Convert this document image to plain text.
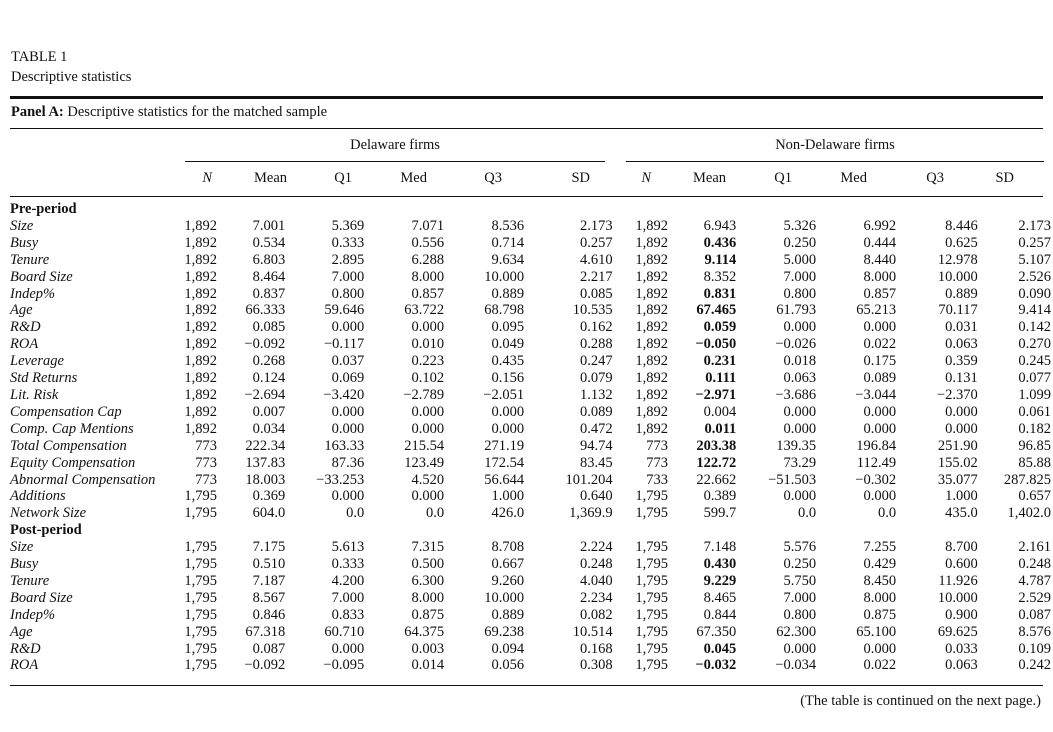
TABLE 1
Descriptive statistics
Panel A: Descriptive statistics for the matched sample
Delaware firms	Non-Delaware firms
N	Mean	Q1	Med	Q3	SD	N	Mean	Q1	Med	Q3	SD
Pre-period												
Size	1,892	7.001	5.369	7.071	8.536	2.173	1,892	6.943	5.326	6.992	8.446	2.173
Busy	1,892	0.534	0.333	0.556	0.714	0.257	1,892	0.436	0.250	0.444	0.625	0.257
Tenure	1,892	6.803	2.895	6.288	9.634	4.610	1,892	9.114	5.000	8.440	12.978	5.107
Board Size	1,892	8.464	7.000	8.000	10.000	2.217	1,892	8.352	7.000	8.000	10.000	2.526
Indep%	1,892	0.837	0.800	0.857	0.889	0.085	1,892	0.831	0.800	0.857	0.889	0.090
Age	1,892	66.333	59.646	63.722	68.798	10.535	1,892	67.465	61.793	65.213	70.117	9.414
R&D	1,892	0.085	0.000	0.000	0.095	0.162	1,892	0.059	0.000	0.000	0.031	0.142
ROA	1,892	−0.092	−0.117	0.010	0.049	0.288	1,892	−0.050	−0.026	0.022	0.063	0.270
Leverage	1,892	0.268	0.037	0.223	0.435	0.247	1,892	0.231	0.018	0.175	0.359	0.245
Std Returns	1,892	0.124	0.069	0.102	0.156	0.079	1,892	0.111	0.063	0.089	0.131	0.077
Lit. Risk	1,892	−2.694	−3.420	−2.789	−2.051	1.132	1,892	−2.971	−3.686	−3.044	−2.370	1.099
Compensation Cap	1,892	0.007	0.000	0.000	0.000	0.089	1,892	0.004	0.000	0.000	0.000	0.061
Comp. Cap Mentions	1,892	0.034	0.000	0.000	0.000	0.472	1,892	0.011	0.000	0.000	0.000	0.182
Total Compensation	773	222.34	163.33	215.54	271.19	94.74	773	203.38	139.35	196.84	251.90	96.85
Equity Compensation	773	137.83	87.36	123.49	172.54	83.45	773	122.72	73.29	112.49	155.02	85.88
Abnormal Compensation	773	18.003	−33.253	4.520	56.644	101.204	733	22.662	−51.503	−0.302	35.077	287.825
Additions	1,795	0.369	0.000	0.000	1.000	0.640	1,795	0.389	0.000	0.000	1.000	0.657
Network Size	1,795	604.0	0.0	0.0	426.0	1,369.9	1,795	599.7	0.0	0.0	435.0	1,402.0
Post-period												
Size	1,795	7.175	5.613	7.315	8.708	2.224	1,795	7.148	5.576	7.255	8.700	2.161
Busy	1,795	0.510	0.333	0.500	0.667	0.248	1,795	0.430	0.250	0.429	0.600	0.248
Tenure	1,795	7.187	4.200	6.300	9.260	4.040	1,795	9.229	5.750	8.450	11.926	4.787
Board Size	1,795	8.567	7.000	8.000	10.000	2.234	1,795	8.465	7.000	8.000	10.000	2.529
Indep%	1,795	0.846	0.833	0.875	0.889	0.082	1,795	0.844	0.800	0.875	0.900	0.087
Age	1,795	67.318	60.710	64.375	69.238	10.514	1,795	67.350	62.300	65.100	69.625	8.576
R&D	1,795	0.087	0.000	0.003	0.094	0.168	1,795	0.045	0.000	0.000	0.033	0.109
ROA	1,795	−0.092	−0.095	0.014	0.056	0.308	1,795	−0.032	−0.034	0.022	0.063	0.242
(The table is continued on the next page.)
